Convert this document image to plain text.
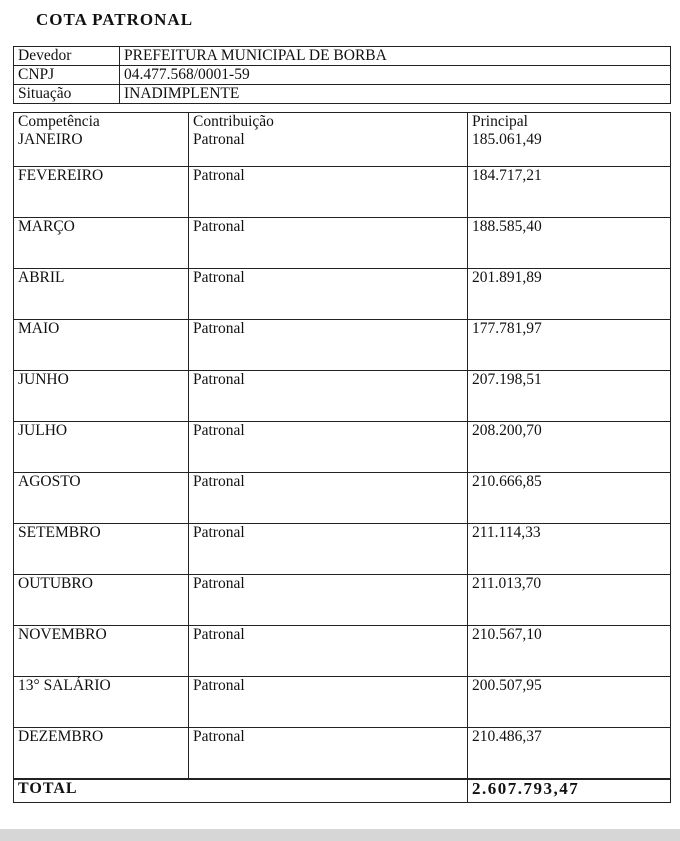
COTA PATRONAL
Devedor	PREFEITURA MUNICIPAL DE BORBA
CNPJ	04.477.568/0001-59
Situação	INADIMPLENTE
Competência	Contribuição	Principal
JANEIRO	Patronal	185.061,49
FEVEREIRO	Patronal	184.717,21
MARÇO	Patronal	188.585,40
ABRIL	Patronal	201.891,89
MAIO	Patronal	177.781,97
JUNHO	Patronal	207.198,51
JULHO	Patronal	208.200,70
AGOSTO	Patronal	210.666,85
SETEMBRO	Patronal	211.114,33
OUTUBRO	Patronal	211.013,70
NOVEMBRO	Patronal	210.567,10
13° SALÁRIO	Patronal	200.507,95
DEZEMBRO	Patronal	210.486,37
TOTAL		2.607.793,47
